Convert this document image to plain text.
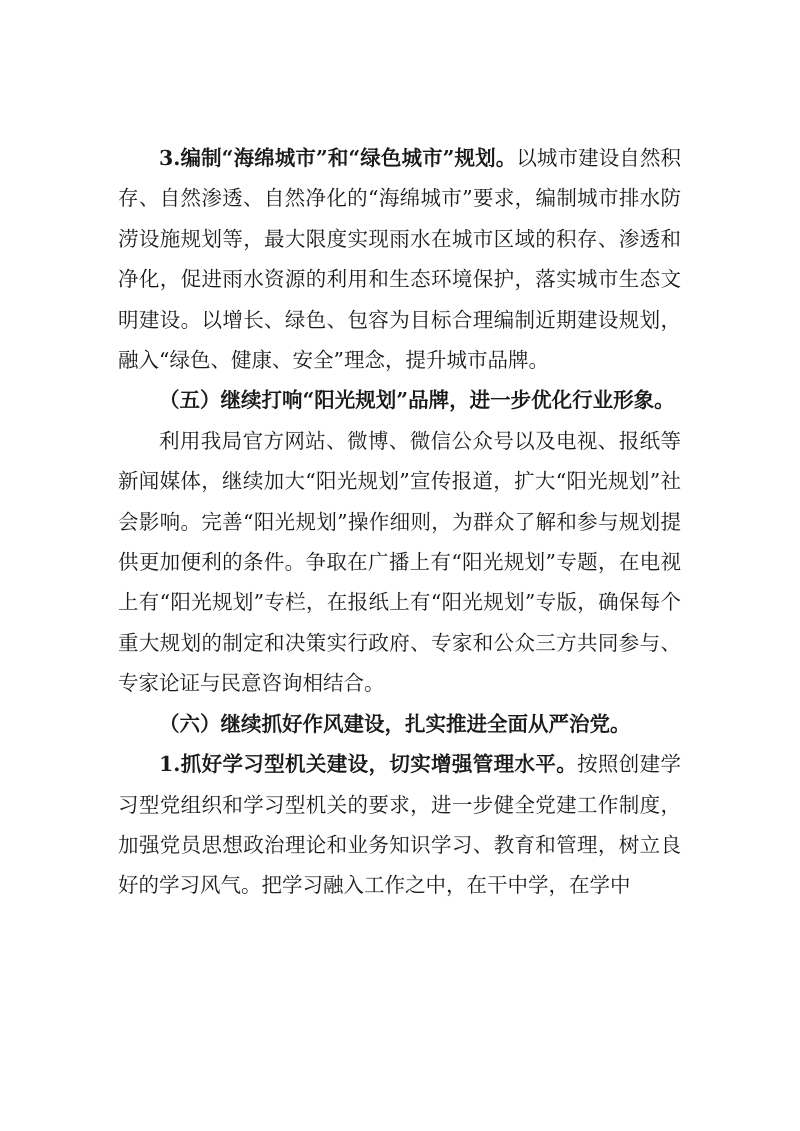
3.编制“海绵城市”和“绿色城市”规划。以城市建设自然积存、自然渗透、自然净化的“海绵城市”要求，编制城市排水防涝设施规划等，最大限度实现雨水在城市区域的积存、渗透和净化，促进雨水资源的利用和生态环境保护，落实城市生态文明建设。以增长、绿色、包容为目标合理编制近期建设规划，融入“绿色、健康、安全”理念，提升城市品牌。

（五）继续打响“阳光规划”品牌，进一步优化行业形象。

利用我局官方网站、微博、微信公众号以及电视、报纸等新闻媒体，继续加大“阳光规划”宣传报道，扩大“阳光规划”社会影响。完善“阳光规划”操作细则，为群众了解和参与规划提供更加便利的条件。争取在广播上有“阳光规划”专题，在电视上有“阳光规划”专栏，在报纸上有“阳光规划”专版，确保每个重大规划的制定和决策实行政府、专家和公众三方共同参与、专家论证与民意咨询相结合。

（六）继续抓好作风建设，扎实推进全面从严治党。

1.抓好学习型机关建设，切实增强管理水平。按照创建学习型党组织和学习型机关的要求，进一步健全党建工作制度，加强党员思想政治理论和业务知识学习、教育和管理，树立良好的学习风气。把学习融入工作之中，在干中学，在学中
